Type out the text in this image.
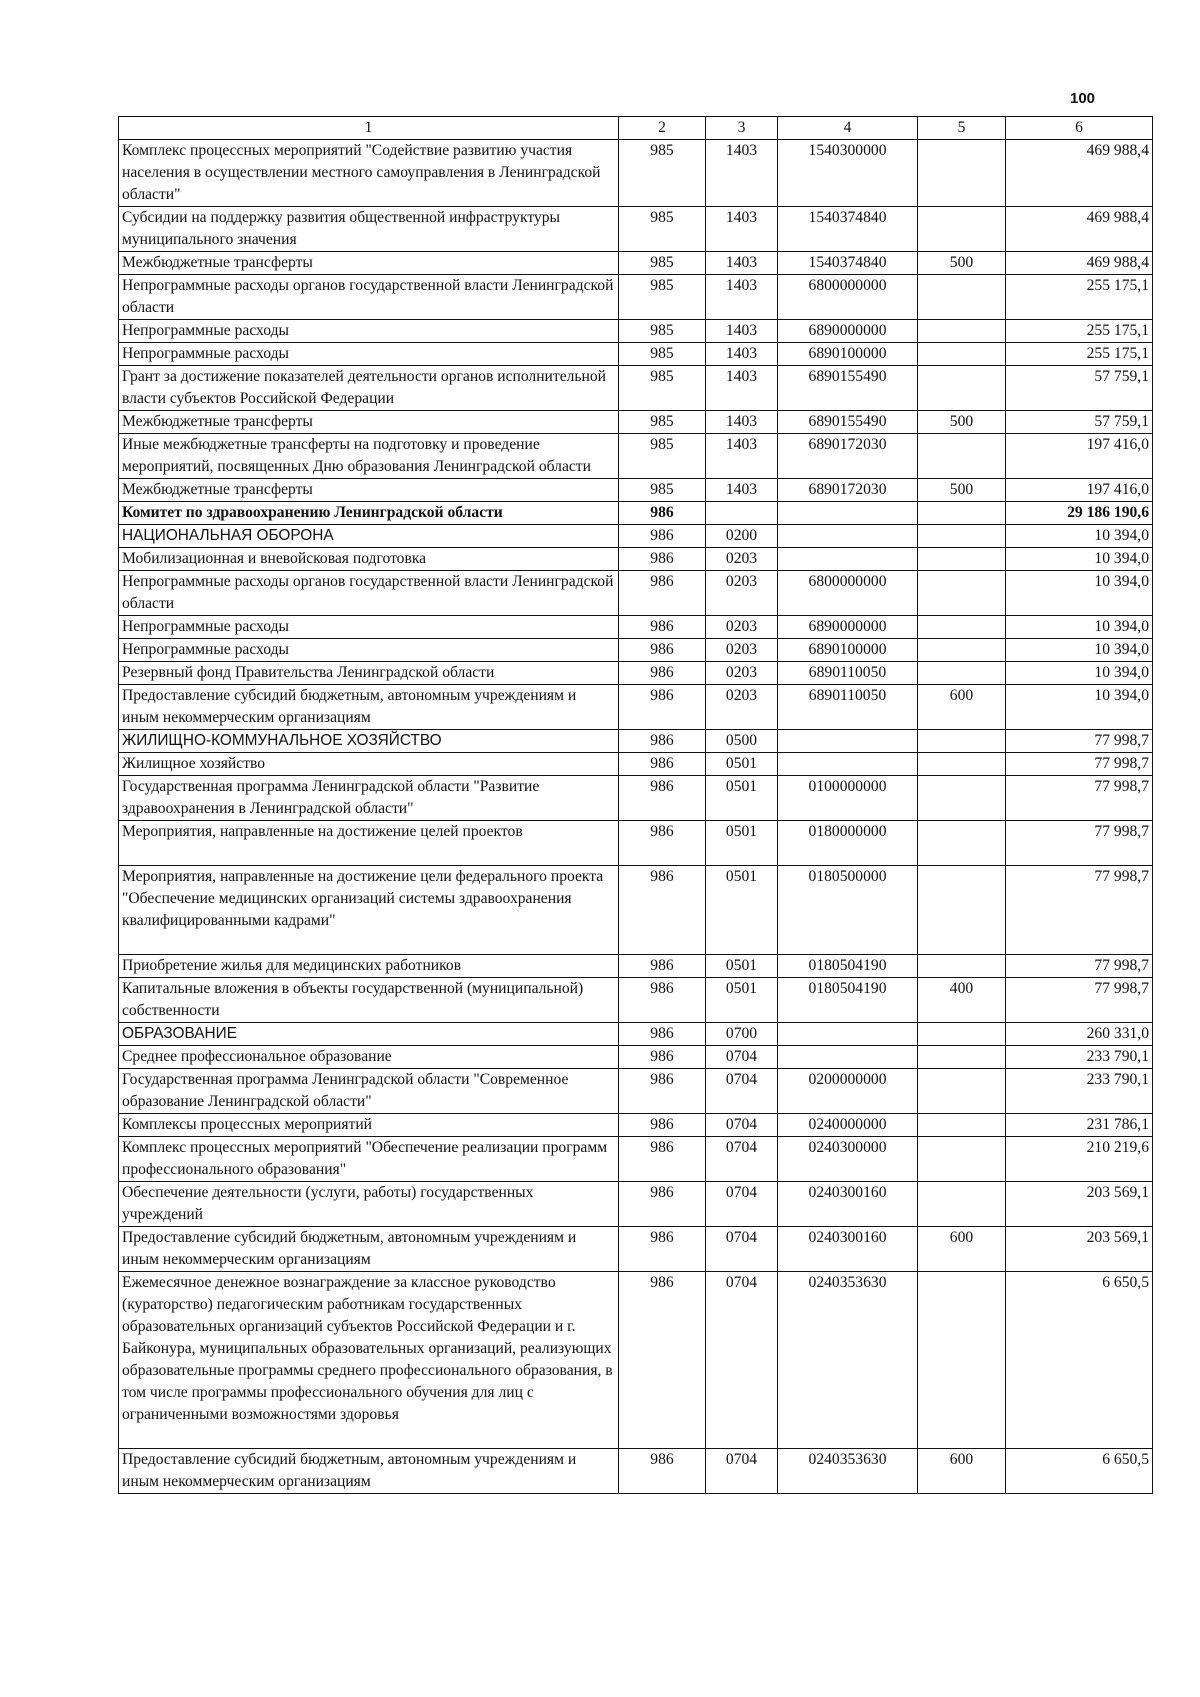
100
1	2	3	4	5	6
Комплекс процессных мероприятий "Содействие развитию участия населения в осуществлении местного самоуправления в Ленинградской области"	985	1403	1540300000		469 988,4
Субсидии на поддержку развития общественной инфраструктуры муниципального значения	985	1403	1540374840		469 988,4
Межбюджетные трансферты	985	1403	1540374840	500	469 988,4
Непрограммные расходы органов государственной власти Ленинградской области	985	1403	6800000000		255 175,1
Непрограммные расходы	985	1403	6890000000		255 175,1
Непрограммные расходы	985	1403	6890100000		255 175,1
Грант за достижение показателей деятельности органов исполнительной власти субъектов Российской Федерации	985	1403	6890155490		57 759,1
Межбюджетные трансферты	985	1403	6890155490	500	57 759,1
Иные межбюджетные трансферты на подготовку и проведение мероприятий, посвященных Дню образования Ленинградской области	985	1403	6890172030		197 416,0
Межбюджетные трансферты	985	1403	6890172030	500	197 416,0
Комитет по здравоохранению Ленинградской области	986				29 186 190,6
НАЦИОНАЛЬНАЯ ОБОРОНА	986	0200			10 394,0
Мобилизационная и вневойсковая подготовка	986	0203			10 394,0
Непрограммные расходы органов государственной власти Ленинградской области	986	0203	6800000000		10 394,0
Непрограммные расходы	986	0203	6890000000		10 394,0
Непрограммные расходы	986	0203	6890100000		10 394,0
Резервный фонд Правительства Ленинградской области	986	0203	6890110050		10 394,0
Предоставление субсидий бюджетным, автономным учреждениям и иным некоммерческим организациям	986	0203	6890110050	600	10 394,0
ЖИЛИЩНО-КОММУНАЛЬНОЕ ХОЗЯЙСТВО	986	0500			77 998,7
Жилищное хозяйство	986	0501			77 998,7
Государственная программа Ленинградской области "Развитие здравоохранения в Ленинградской области"	986	0501	0100000000		77 998,7
Мероприятия, направленные на достижение целей проектов	986	0501	0180000000		77 998,7
Мероприятия, направленные на достижение цели федерального проекта "Обеспечение медицинских организаций системы здравоохранения квалифицированными кадрами"	986	0501	0180500000		77 998,7
Приобретение жилья для медицинских работников	986	0501	0180504190		77 998,7
Капитальные вложения в объекты государственной (муниципальной) собственности	986	0501	0180504190	400	77 998,7
ОБРАЗОВАНИЕ	986	0700			260 331,0
Среднее профессиональное образование	986	0704			233 790,1
Государственная программа Ленинградской области "Современное образование Ленинградской области"	986	0704	0200000000		233 790,1
Комплексы процессных мероприятий	986	0704	0240000000		231 786,1
Комплекс процессных мероприятий "Обеспечение реализации программ профессионального образования"	986	0704	0240300000		210 219,6
Обеспечение деятельности (услуги, работы) государственных учреждений	986	0704	0240300160		203 569,1
Предоставление субсидий бюджетным, автономным учреждениям и иным некоммерческим организациям	986	0704	0240300160	600	203 569,1
Ежемесячное денежное вознаграждение за классное руководство (кураторство) педагогическим работникам государственных образовательных организаций субъектов Российской Федерации и г. Байконура, муниципальных образовательных организаций, реализующих образовательные программы среднего профессионального образования, в том числе программы профессионального обучения для лиц с ограниченными возможностями здоровья	986	0704	0240353630		6 650,5
Предоставление субсидий бюджетным, автономным учреждениям и иным некоммерческим организациям	986	0704	0240353630	600	6 650,5
